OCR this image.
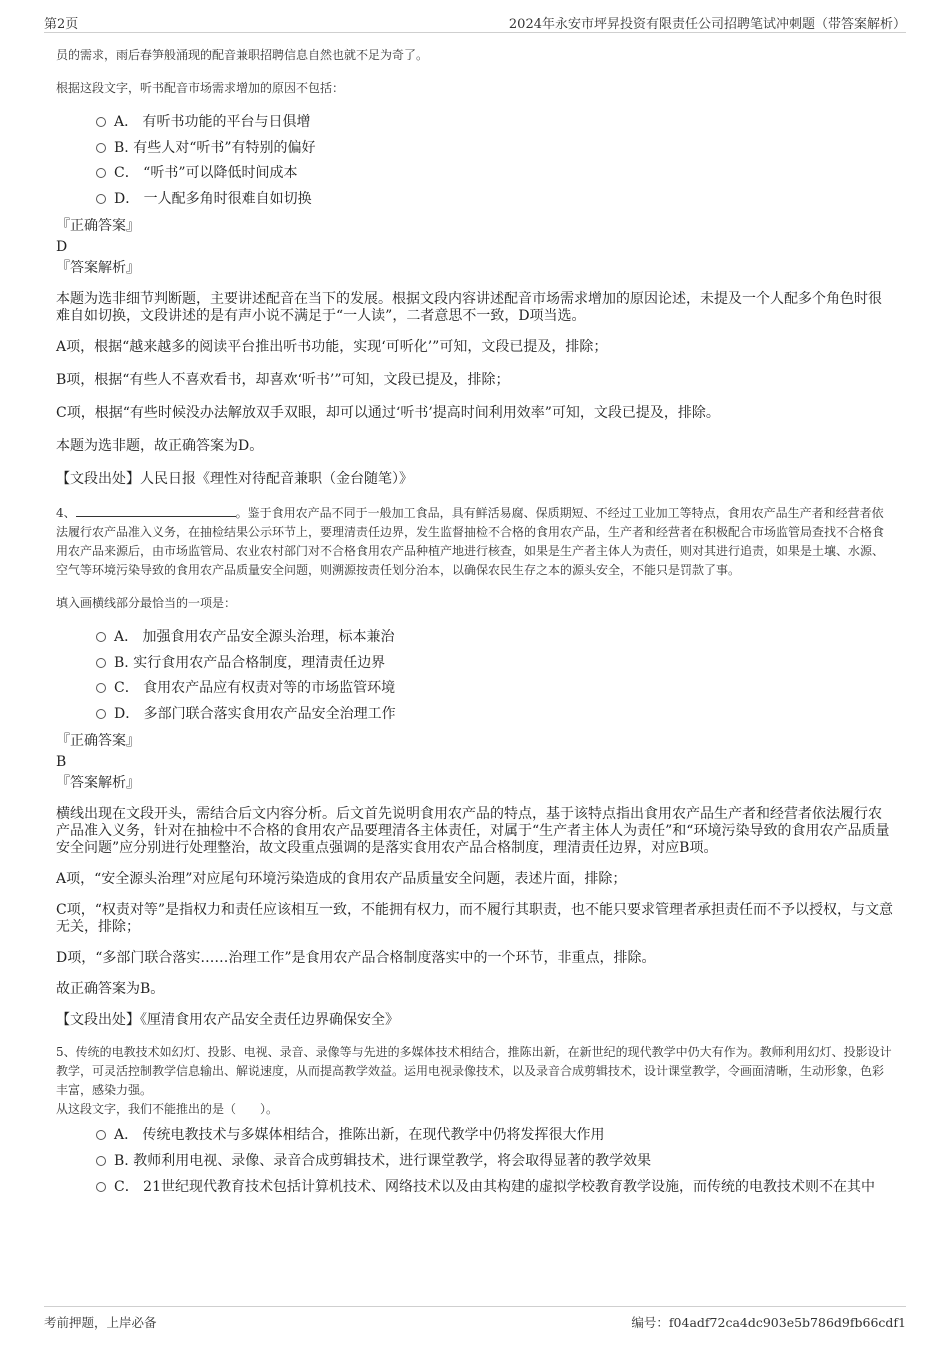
第2页	2024年永安市坪昇投资有限责任公司招聘笔试冲刺题（带答案解析）

员的需求，雨后春笋般涌现的配音兼职招聘信息自然也就不足为奇了。

根据这段文字，听书配音市场需求增加的原因不包括：

A． 有听书功能的平台与日俱增
B. 有些人对“听书”有特别的偏好
C． “听书”可以降低时间成本
D． 一人配多角时很难自如切换

『正确答案』

D

『答案解析』

本题为选非细节判断题，主要讲述配音在当下的发展。根据文段内容讲述配音市场需求增加的原因论述，未提及一个人配多个角色时很难自如切换，文段讲述的是有声小说不满足于“一人读”，二者意思不一致，D项当选。

A项，根据“越来越多的阅读平台推出听书功能，实现‘可听化’”可知，文段已提及，排除；

B项，根据“有些人不喜欢看书，却喜欢‘听书’”可知，文段已提及，排除；

C项，根据“有些时候没办法解放双手双眼，却可以通过‘听书’提高时间利用效率”可知，文段已提及，排除。

本题为选非题，故正确答案为D。

【文段出处】人民日报《理性对待配音兼职（金台随笔）》

4、	。鉴于食用农产品不同于一般加工食品，具有鲜活易腐、保质期短、不经过工业加工等特点，食用农产品生产者和经营者依法履行农产品准入义务，在抽检结果公示环节上，要理清责任边界，发生监督抽检不合格的食用农产品，生产者和经营者在积极配合市场监管局查找不合格食用农产品来源后，由市场监管局、农业农村部门对不合格食用农产品种植产地进行核查，如果是生产者主体人为责任，则对其进行追责，如果是土壤、水源、空气等环境污染导致的食用农产品质量安全问题，则溯源按责任划分治本，以确保农民生存之本的源头安全，不能只是罚款了事。

填入画横线部分最恰当的一项是：

A． 加强食用农产品安全源头治理，标本兼治
B. 实行食用农产品合格制度，理清责任边界
C． 食用农产品应有权责对等的市场监管环境
D． 多部门联合落实食用农产品安全治理工作

『正确答案』

B

『答案解析』

横线出现在文段开头，需结合后文内容分析。后文首先说明食用农产品的特点，基于该特点指出食用农产品生产者和经营者依法履行农产品准入义务，针对在抽检中不合格的食用农产品要理清各主体责任，对属于“生产者主体人为责任”和“环境污染导致的食用农产品质量安全问题”应分别进行处理整治，故文段重点强调的是落实食用农产品合格制度，理清责任边界，对应B项。

A项，“安全源头治理”对应尾句环境污染造成的食用农产品质量安全问题，表述片面，排除；

C项，“权责对等”是指权力和责任应该相互一致，不能拥有权力，而不履行其职责，也不能只要求管理者承担责任而不予以授权，与文意无关，排除；

D项，“多部门联合落实……治理工作”是食用农产品合格制度落实中的一个环节，非重点，排除。

故正确答案为B。

【文段出处】《厘清食用农产品安全责任边界确保安全》

5、传统的电教技术如幻灯、投影、电视、录音、录像等与先进的多媒体技术相结合，推陈出新，在新世纪的现代教学中仍大有作为。教师利用幻灯、投影设计教学，可灵活控制教学信息输出、解说速度，从而提高教学效益。运用电视录像技术，以及录音合成剪辑技术，设计课堂教学，令画面清晰，生动形象，色彩丰富，感染力强。

从这段文字，我们不能推出的是（　　）。

A． 传统电教技术与多媒体相结合，推陈出新，在现代教学中仍将发挥很大作用
B. 教师利用电视、录像、录音合成剪辑技术，进行课堂教学，将会取得显著的教学效果
C． 21世纪现代教育技术包括计算机技术、网络技术以及由其构建的虚拟学校教育教学设施，而传统的电教技术则不在其中
考前押题，上岸必备	编号：f04adf72ca4dc903e5b786d9fb66cdf1
